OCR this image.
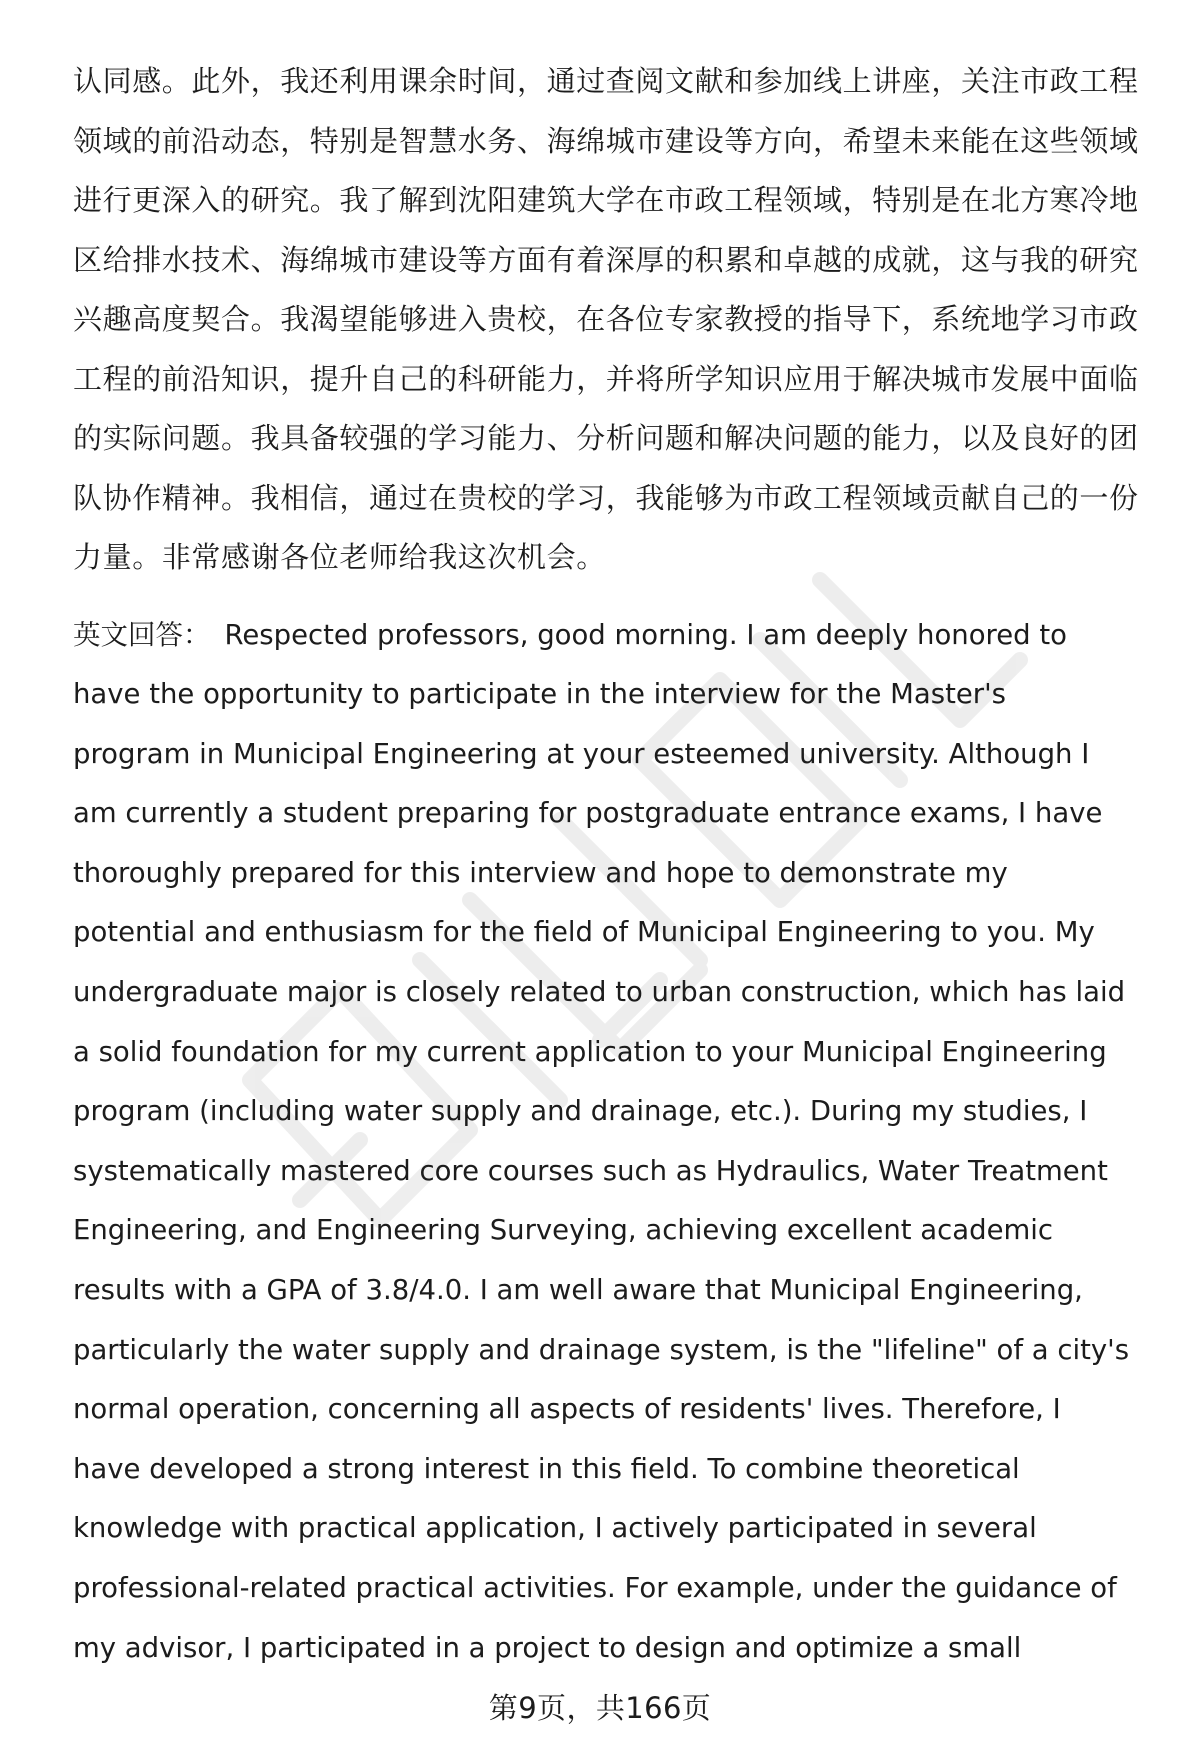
认同感。此外，我还利用课余时间，通过查阅文献和参加线上讲座，关注市政工程
领域的前沿动态，特别是智慧水务、海绵城市建设等方向，希望未来能在这些领域
进行更深入的研究。我了解到沈阳建筑大学在市政工程领域，特别是在北方寒冷地
区给排水技术、海绵城市建设等方面有着深厚的积累和卓越的成就，这与我的研究
兴趣高度契合。我渴望能够进入贵校，在各位专家教授的指导下，系统地学习市政
工程的前沿知识，提升自己的科研能力，并将所学知识应用于解决城市发展中面临
的实际问题。我具备较强的学习能力、分析问题和解决问题的能力，以及良好的团
队协作精神。我相信，通过在贵校的学习，我能够为市政工程领域贡献自己的一份
力量。非常感谢各位老师给我这次机会。

英文回答： Respected professors, good morning. I am deeply honored to
have the opportunity to participate in the interview for the Master's
program in Municipal Engineering at your esteemed university. Although I
am currently a student preparing for postgraduate entrance exams, I have
thoroughly prepared for this interview and hope to demonstrate my
potential and enthusiasm for the field of Municipal Engineering to you. My
undergraduate major is closely related to urban construction, which has laid
a solid foundation for my current application to your Municipal Engineering
program (including water supply and drainage, etc.). During my studies, I
systematically mastered core courses such as Hydraulics, Water Treatment
Engineering, and Engineering Surveying, achieving excellent academic
results with a GPA of 3.8/4.0. I am well aware that Municipal Engineering,
particularly the water supply and drainage system, is the "lifeline" of a city's
normal operation, concerning all aspects of residents' lives. Therefore, I
have developed a strong interest in this field. To combine theoretical
knowledge with practical application, I actively participated in several
professional-related practical activities. For example, under the guidance of
my advisor, I participated in a project to design and optimize a small

第9页，共166页
